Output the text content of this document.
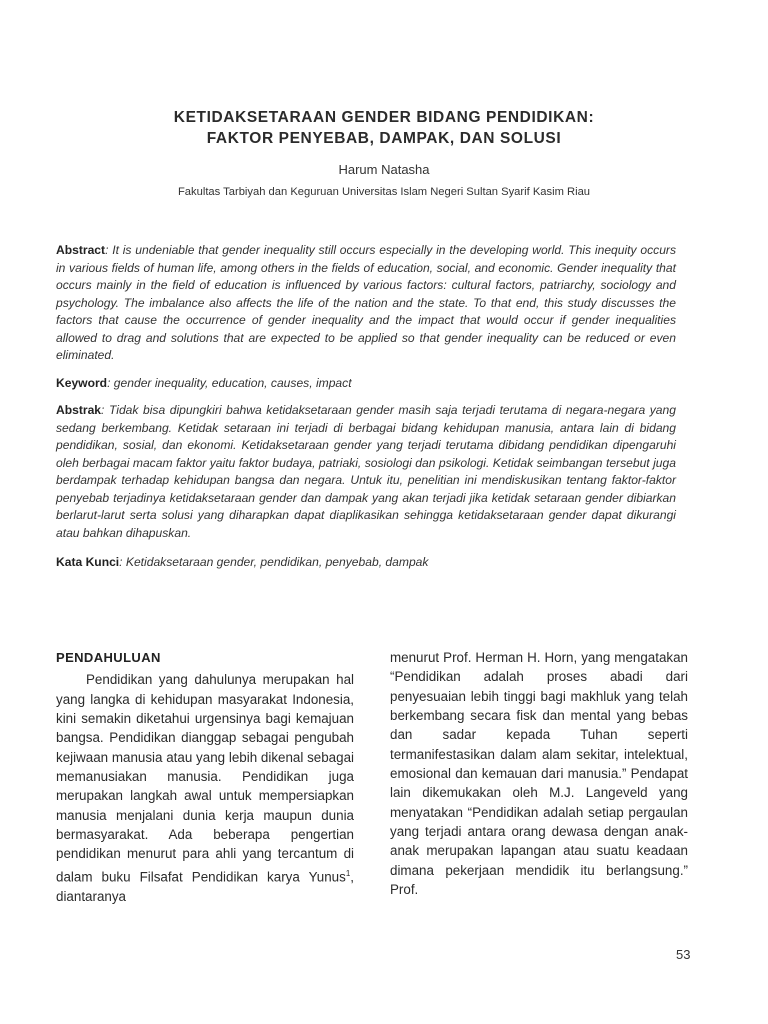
KETIDAKSETARAAN GENDER BIDANG PENDIDIKAN:
FAKTOR PENYEBAB, DAMPAK, DAN SOLUSI
Harum Natasha
Fakultas Tarbiyah dan Keguruan Universitas Islam Negeri Sultan Syarif Kasim Riau
Abstract: It is undeniable that gender inequality still occurs especially in the developing world. This inequity occurs in various fields of human life, among others in the fields of education, social, and economic. Gender inequality that occurs mainly in the field of education is influenced by various factors: cultural factors, patriarchy, sociology and psychology. The imbalance also affects the life of the nation and the state. To that end, this study discusses the factors that cause the occurrence of gender inequality and the impact that would occur if gender inequalities allowed to drag and solutions that are expected to be applied so that gender inequality can be reduced or even eliminated.
Keyword: gender inequality, education, causes, impact
Abstrak: Tidak bisa dipungkiri bahwa ketidaksetaraan gender masih saja terjadi terutama di negara-negara yang sedang berkembang. Ketidak setaraan ini terjadi di berbagai bidang kehidupan manusia, antara lain di bidang pendidikan, sosial, dan ekonomi. Ketidaksetaraan gender yang terjadi terutama dibidang pendidikan dipengaruhi oleh berbagai macam faktor yaitu faktor budaya, patriaki, sosiologi dan psikologi. Ketidak seimbangan tersebut juga berdampak terhadap kehidupan bangsa dan negara. Untuk itu, penelitian ini mendiskusikan tentang faktor-faktor penyebab terjadinya ketidaksetaraan gender dan dampak yang akan terjadi jika ketidak setaraan gender dibiarkan berlarut-larut serta solusi yang diharapkan dapat diaplikasikan sehingga ketidaksetaraan gender dapat dikurangi atau bahkan dihapuskan.
Kata Kunci: Ketidaksetaraan gender, pendidikan, penyebab, dampak
PENDAHULUAN

Pendidikan yang dahulunya merupakan hal yang langka di kehidupan masyarakat Indonesia, kini semakin diketahui urgensinya bagi kemajuan bangsa. Pendidikan dianggap sebagai pengubah kejiwaan manusia atau yang lebih dikenal sebagai memanusiakan manusia. Pendidikan juga merupakan langkah awal untuk mempersiapkan manusia menjalani dunia kerja maupun dunia bermasyarakat. Ada beberapa pengertian pendidikan menurut para ahli yang tercantum di dalam buku Filsafat Pendidikan karya Yunus$^1$, diantaranya

menurut Prof. Herman H. Horn, yang mengatakan “Pendidikan adalah proses abadi dari penyesuaian lebih tinggi bagi makhluk yang telah berkembang secara fisk dan mental yang bebas dan sadar kepada Tuhan seperti termanifestasikan dalam alam sekitar, intelektual, emosional dan kemauan dari manusia.” Pendapat lain dikemukakan oleh M.J. Langeveld yang menyatakan “Pendidikan adalah setiap pergaulan yang terjadi antara orang dewasa dengan anak-anak merupakan lapangan atau suatu keadaan dimana pekerjaan mendidik itu berlangsung.” Prof.

53
